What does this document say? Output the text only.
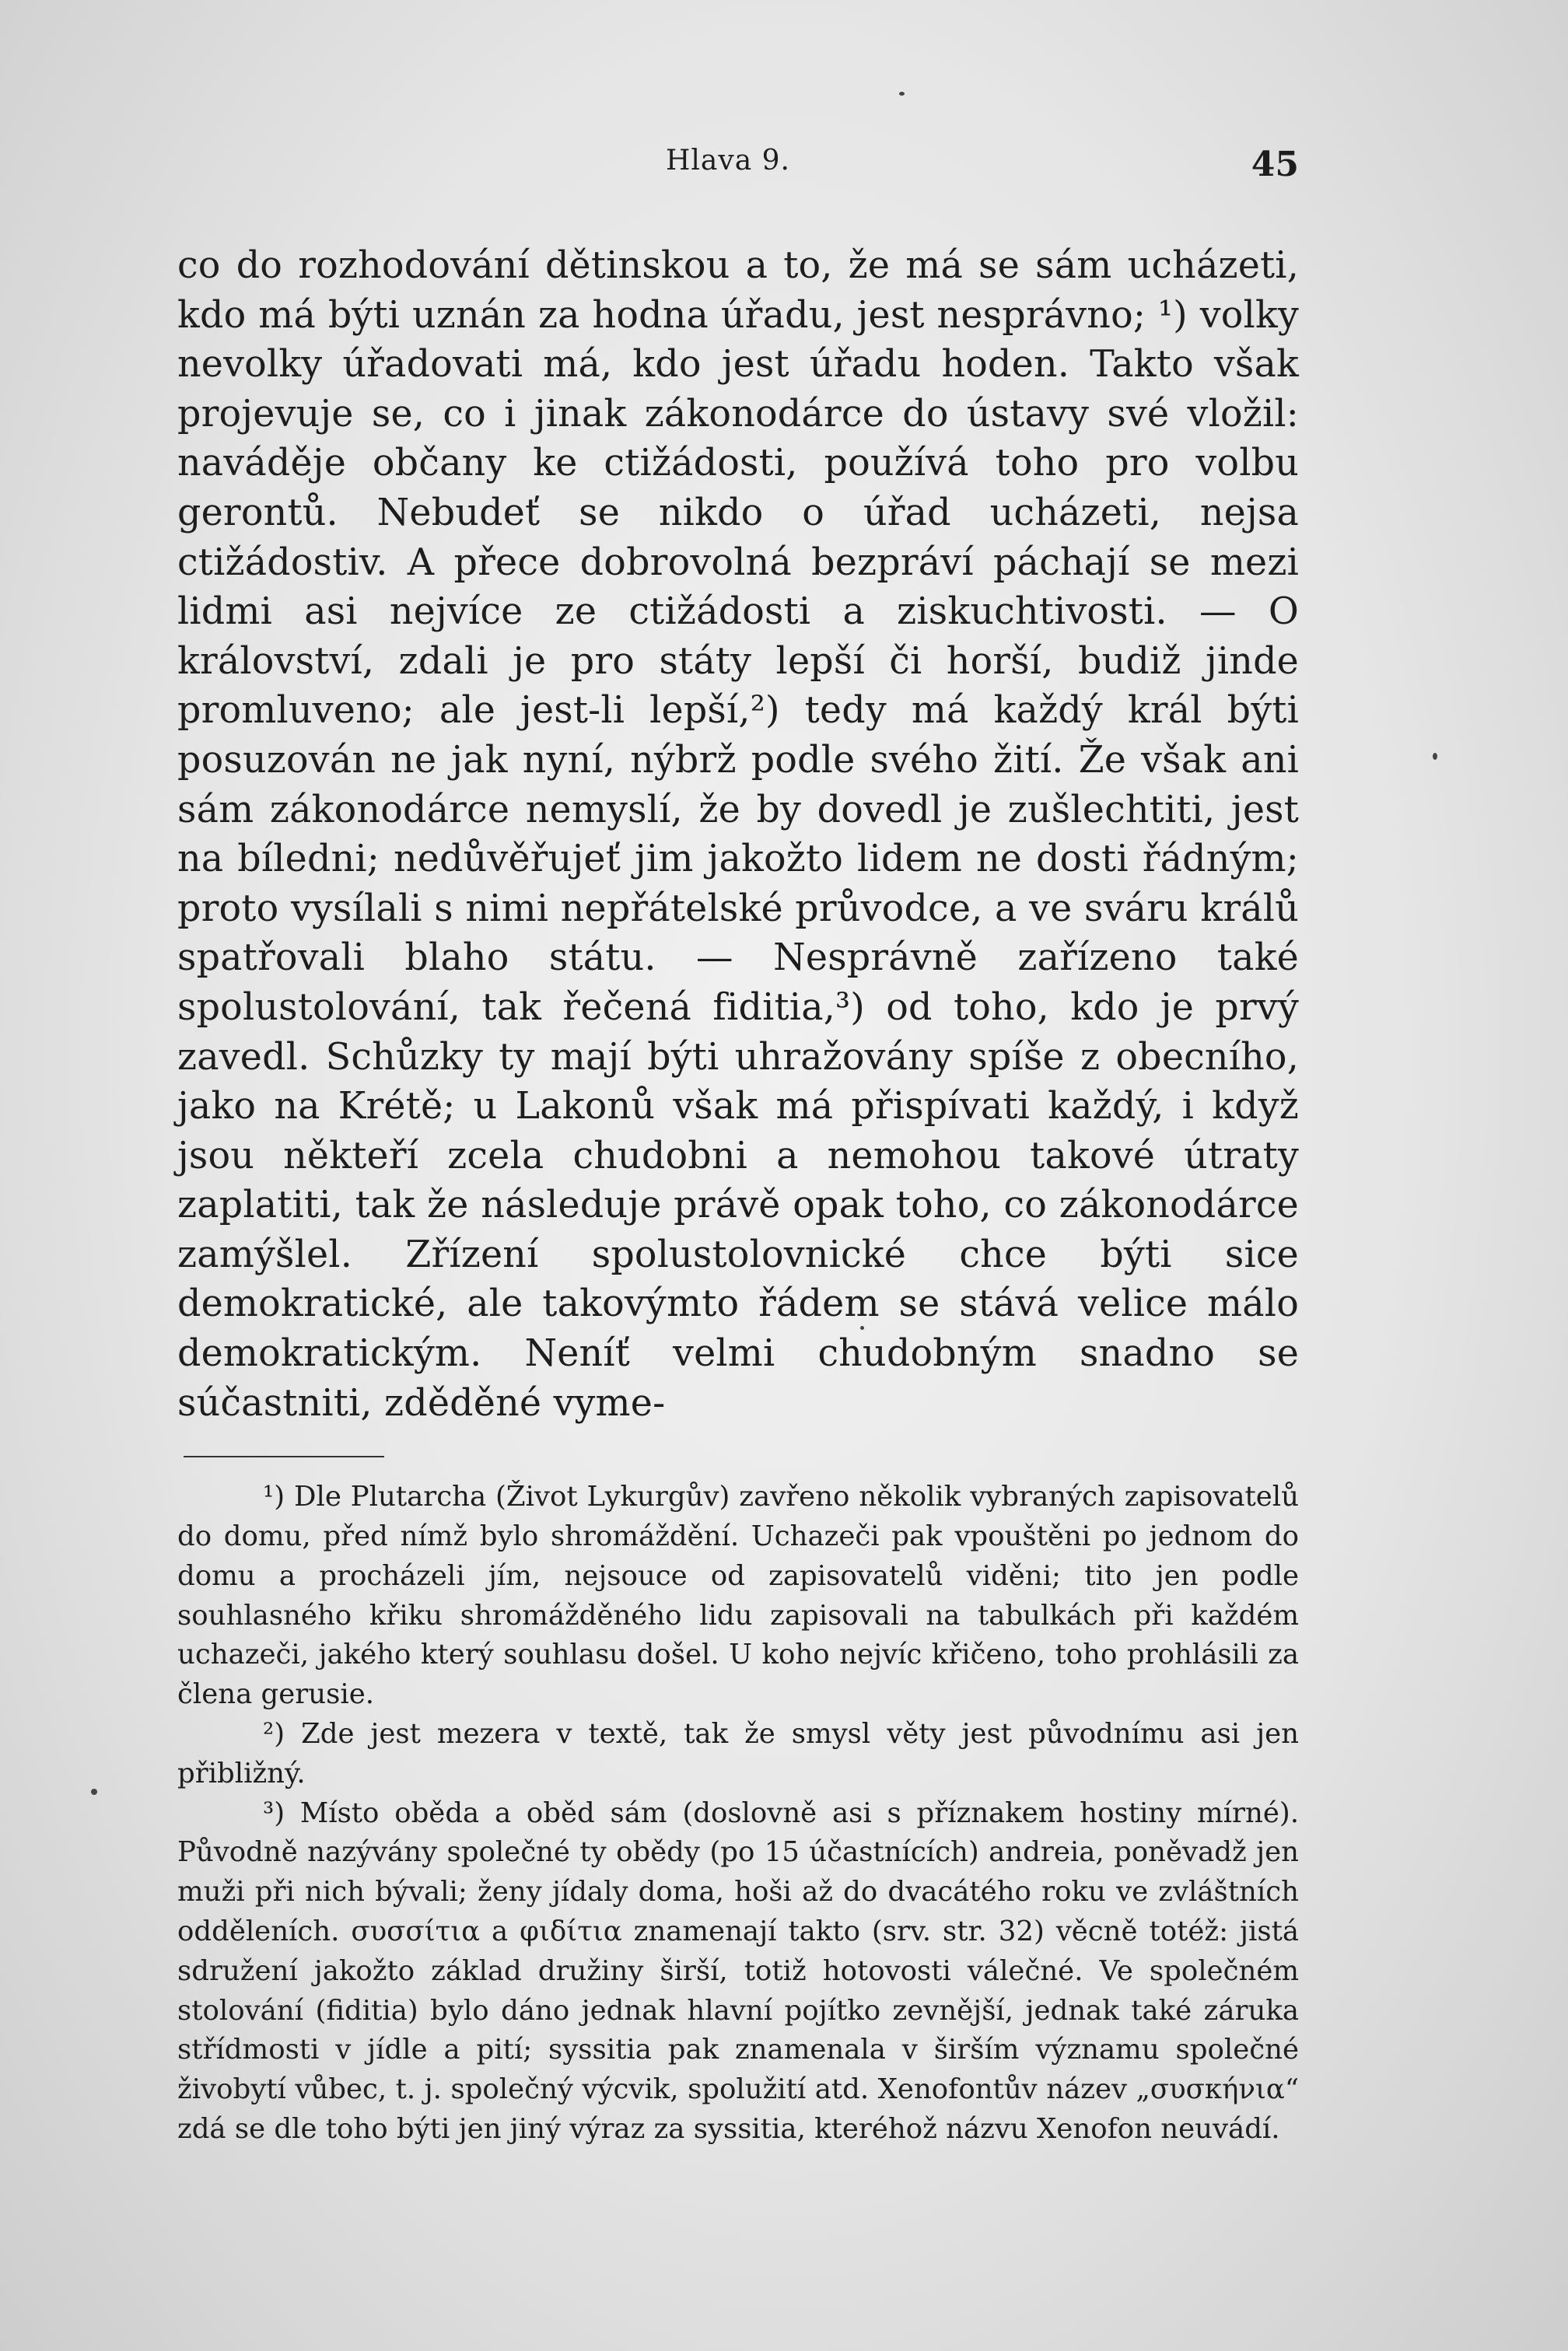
Hlava 9.	45

co do rozhodování dětinskou a to, že má se sám ucházeti, kdo má býti uznán za hodna úřadu, jest nesprávno; ¹) volky nevolky úřadovati má, kdo jest úřadu hoden. Takto však projevuje se, co i jinak zákonodárce do ústavy své vložil: naváděje občany ke ctižádosti, používá toho pro volbu gerontů. Nebudeť se nikdo o úřad ucházeti, nejsa ctižádostiv. A přece dobrovolná bezpráví páchají se mezi lidmi asi nejvíce ze ctižádosti a ziskuchtivosti. — O království, zdali je pro státy lepší či horší, budiž jinde promluveno; ale jest-li lepší,²) tedy má každý král býti posuzován ne jak nyní, nýbrž podle svého žití. Že však ani sám zákonodárce nemyslí, že by dovedl je zušlechtiti, jest na bíledni; nedůvěřujeť jim jakožto lidem ne dosti řádným; proto vysílali s nimi nepřátelské průvodce, a ve sváru králů spatřovali blaho státu. — Nesprávně zařízeno také spolustolování, tak řečená fiditia,³) od toho, kdo je prvý zavedl. Schůzky ty mají býti uhražovány spíše z obecního, jako na Krétě; u Lakonů však má přispívati každý, i když jsou někteří zcela chudobni a nemohou takové útraty zaplatiti, tak že následuje právě opak toho, co zákonodárce zamýšlel. Zřízení spolustolovnické chce býti sice demokratické, ale takovýmto řádem se stává velice málo demokratickým. Neníť velmi chudobným snadno se súčastniti, zděděné vyme-

¹) Dle Plutarcha (Život Lykurgův) zavřeno několik vybraných zapisovatelů do domu, před nímž bylo shromáždění. Uchazeči pak vpouštěni po jednom do domu a procházeli jím, nejsouce od zapisovatelů viděni; tito jen podle souhlasného křiku shromážděného lidu zapisovali na tabulkách při každém uchazeči, jakého který souhlasu došel. U koho nejvíc křičeno, toho prohlásili za člena gerusie.

²) Zde jest mezera v textě, tak že smysl věty jest původnímu asi jen přibližný.

³) Místo oběda a oběd sám (doslovně asi s příznakem hostiny mírné). Původně nazývány společné ty obědy (po 15 účastnících) andreia, poněvadž jen muži při nich bývali; ženy jídaly doma, hoši až do dvacátého roku ve zvláštních odděleních. συσσίτια a φιδίτια znamenají takto (srv. str. 32) věcně totéž: jistá sdružení jakožto základ družiny širší, totiž hotovosti válečné. Ve společném stolování (fiditia) bylo dáno jednak hlavní pojítko zevnější, jednak také záruka střídmosti v jídle a pití; syssitia pak znamenala v širším významu společné živobytí vůbec, t. j. společný výcvik, spolužití atd. Xenofontův název „συσκήνια“ zdá se dle toho býti jen jiný výraz za syssitia, kteréhož názvu Xenofon neuvádí.
